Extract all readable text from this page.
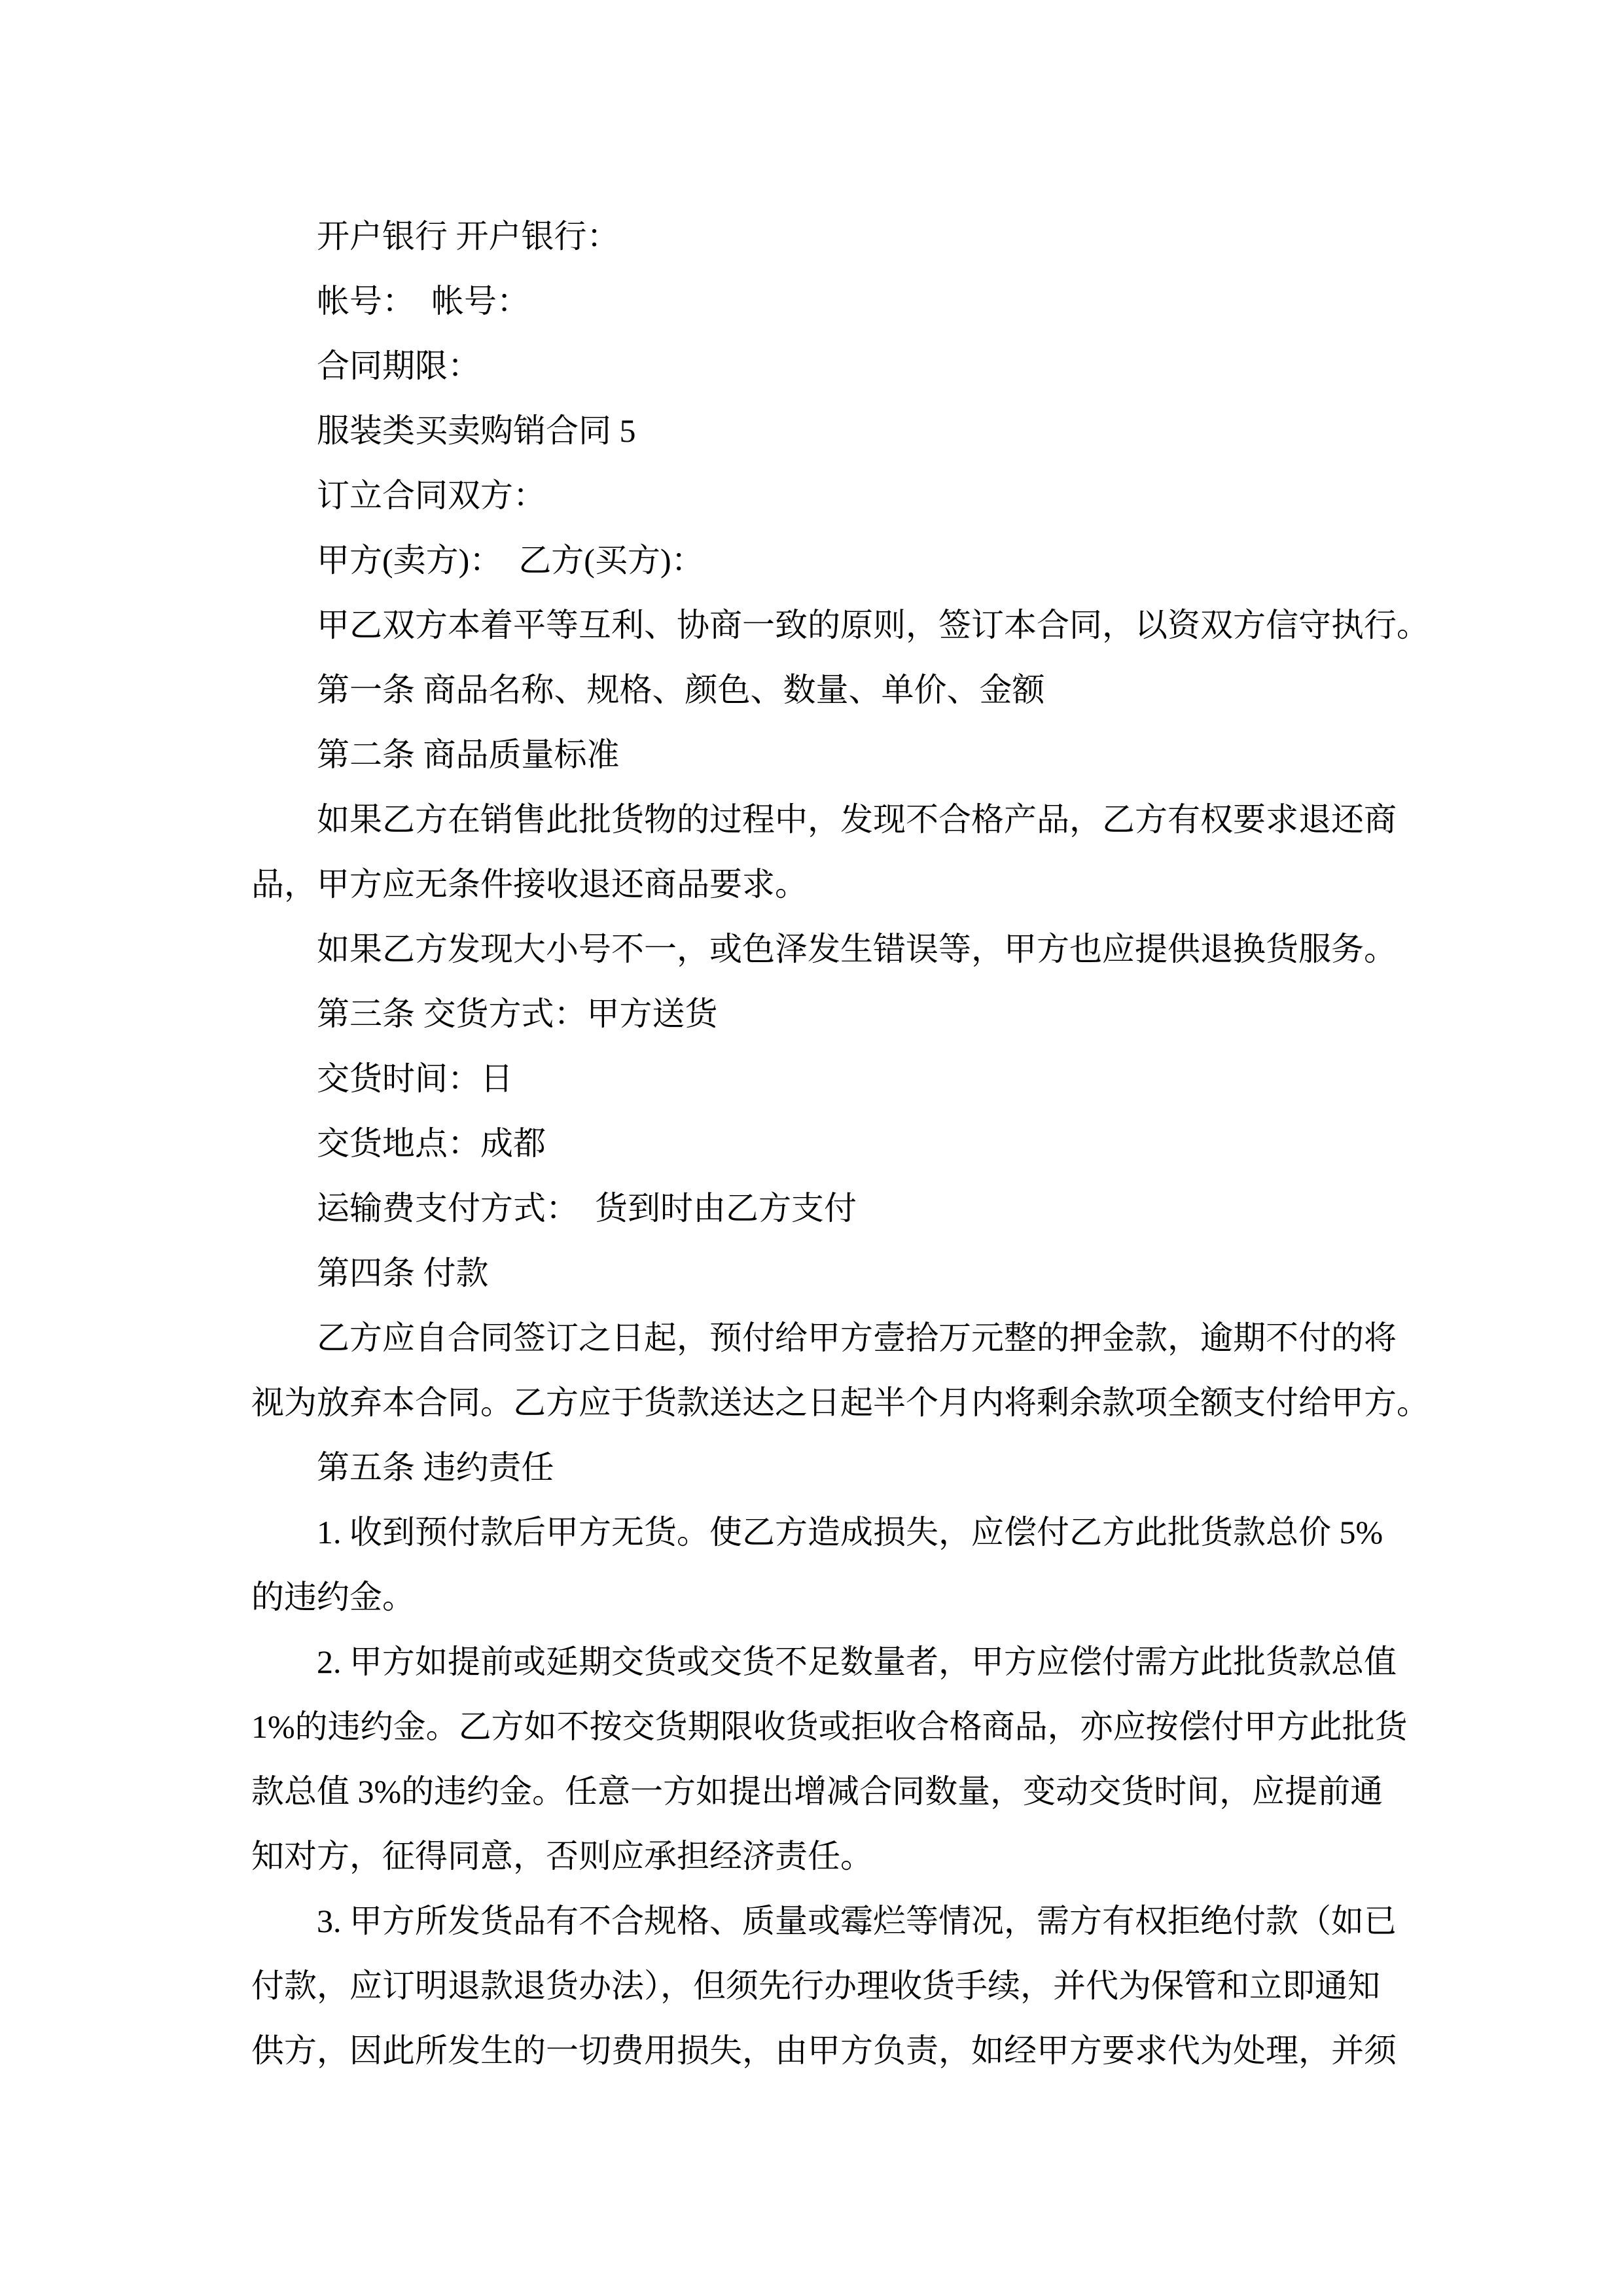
开户银行 开户银行：

帐号：  帐号：

合同期限：

服装类买卖购销合同 5

订立合同双方：

甲方(卖方)：  乙方(买方)：

甲乙双方本着平等互利、协商一致的原则，签订本合同，以资双方信守执行。

第一条 商品名称、规格、颜色、数量、单价、金额

第二条 商品质量标准

如果乙方在销售此批货物的过程中，发现不合格产品，乙方有权要求退还商

品，甲方应无条件接收退还商品要求。

如果乙方发现大小号不一，或色泽发生错误等，甲方也应提供退换货服务。

第三条 交货方式：甲方送货

交货时间：日

交货地点：成都

运输费支付方式：  货到时由乙方支付

第四条 付款

乙方应自合同签订之日起，预付给甲方壹拾万元整的押金款，逾期不付的将

视为放弃本合同。乙方应于货款送达之日起半个月内将剩余款项全额支付给甲方。

第五条 违约责任

1. 收到预付款后甲方无货。使乙方造成损失，应偿付乙方此批货款总价 5%

的违约金。

2. 甲方如提前或延期交货或交货不足数量者，甲方应偿付需方此批货款总值

1%的违约金。乙方如不按交货期限收货或拒收合格商品，亦应按偿付甲方此批货

款总值 3%的违约金。任意一方如提出增减合同数量，变动交货时间，应提前通

知对方，征得同意，否则应承担经济责任。

3. 甲方所发货品有不合规格、质量或霉烂等情况，需方有权拒绝付款（如已

付款，应订明退款退货办法），但须先行办理收货手续，并代为保管和立即通知

供方，因此所发生的一切费用损失，由甲方负责，如经甲方要求代为处理，并须
